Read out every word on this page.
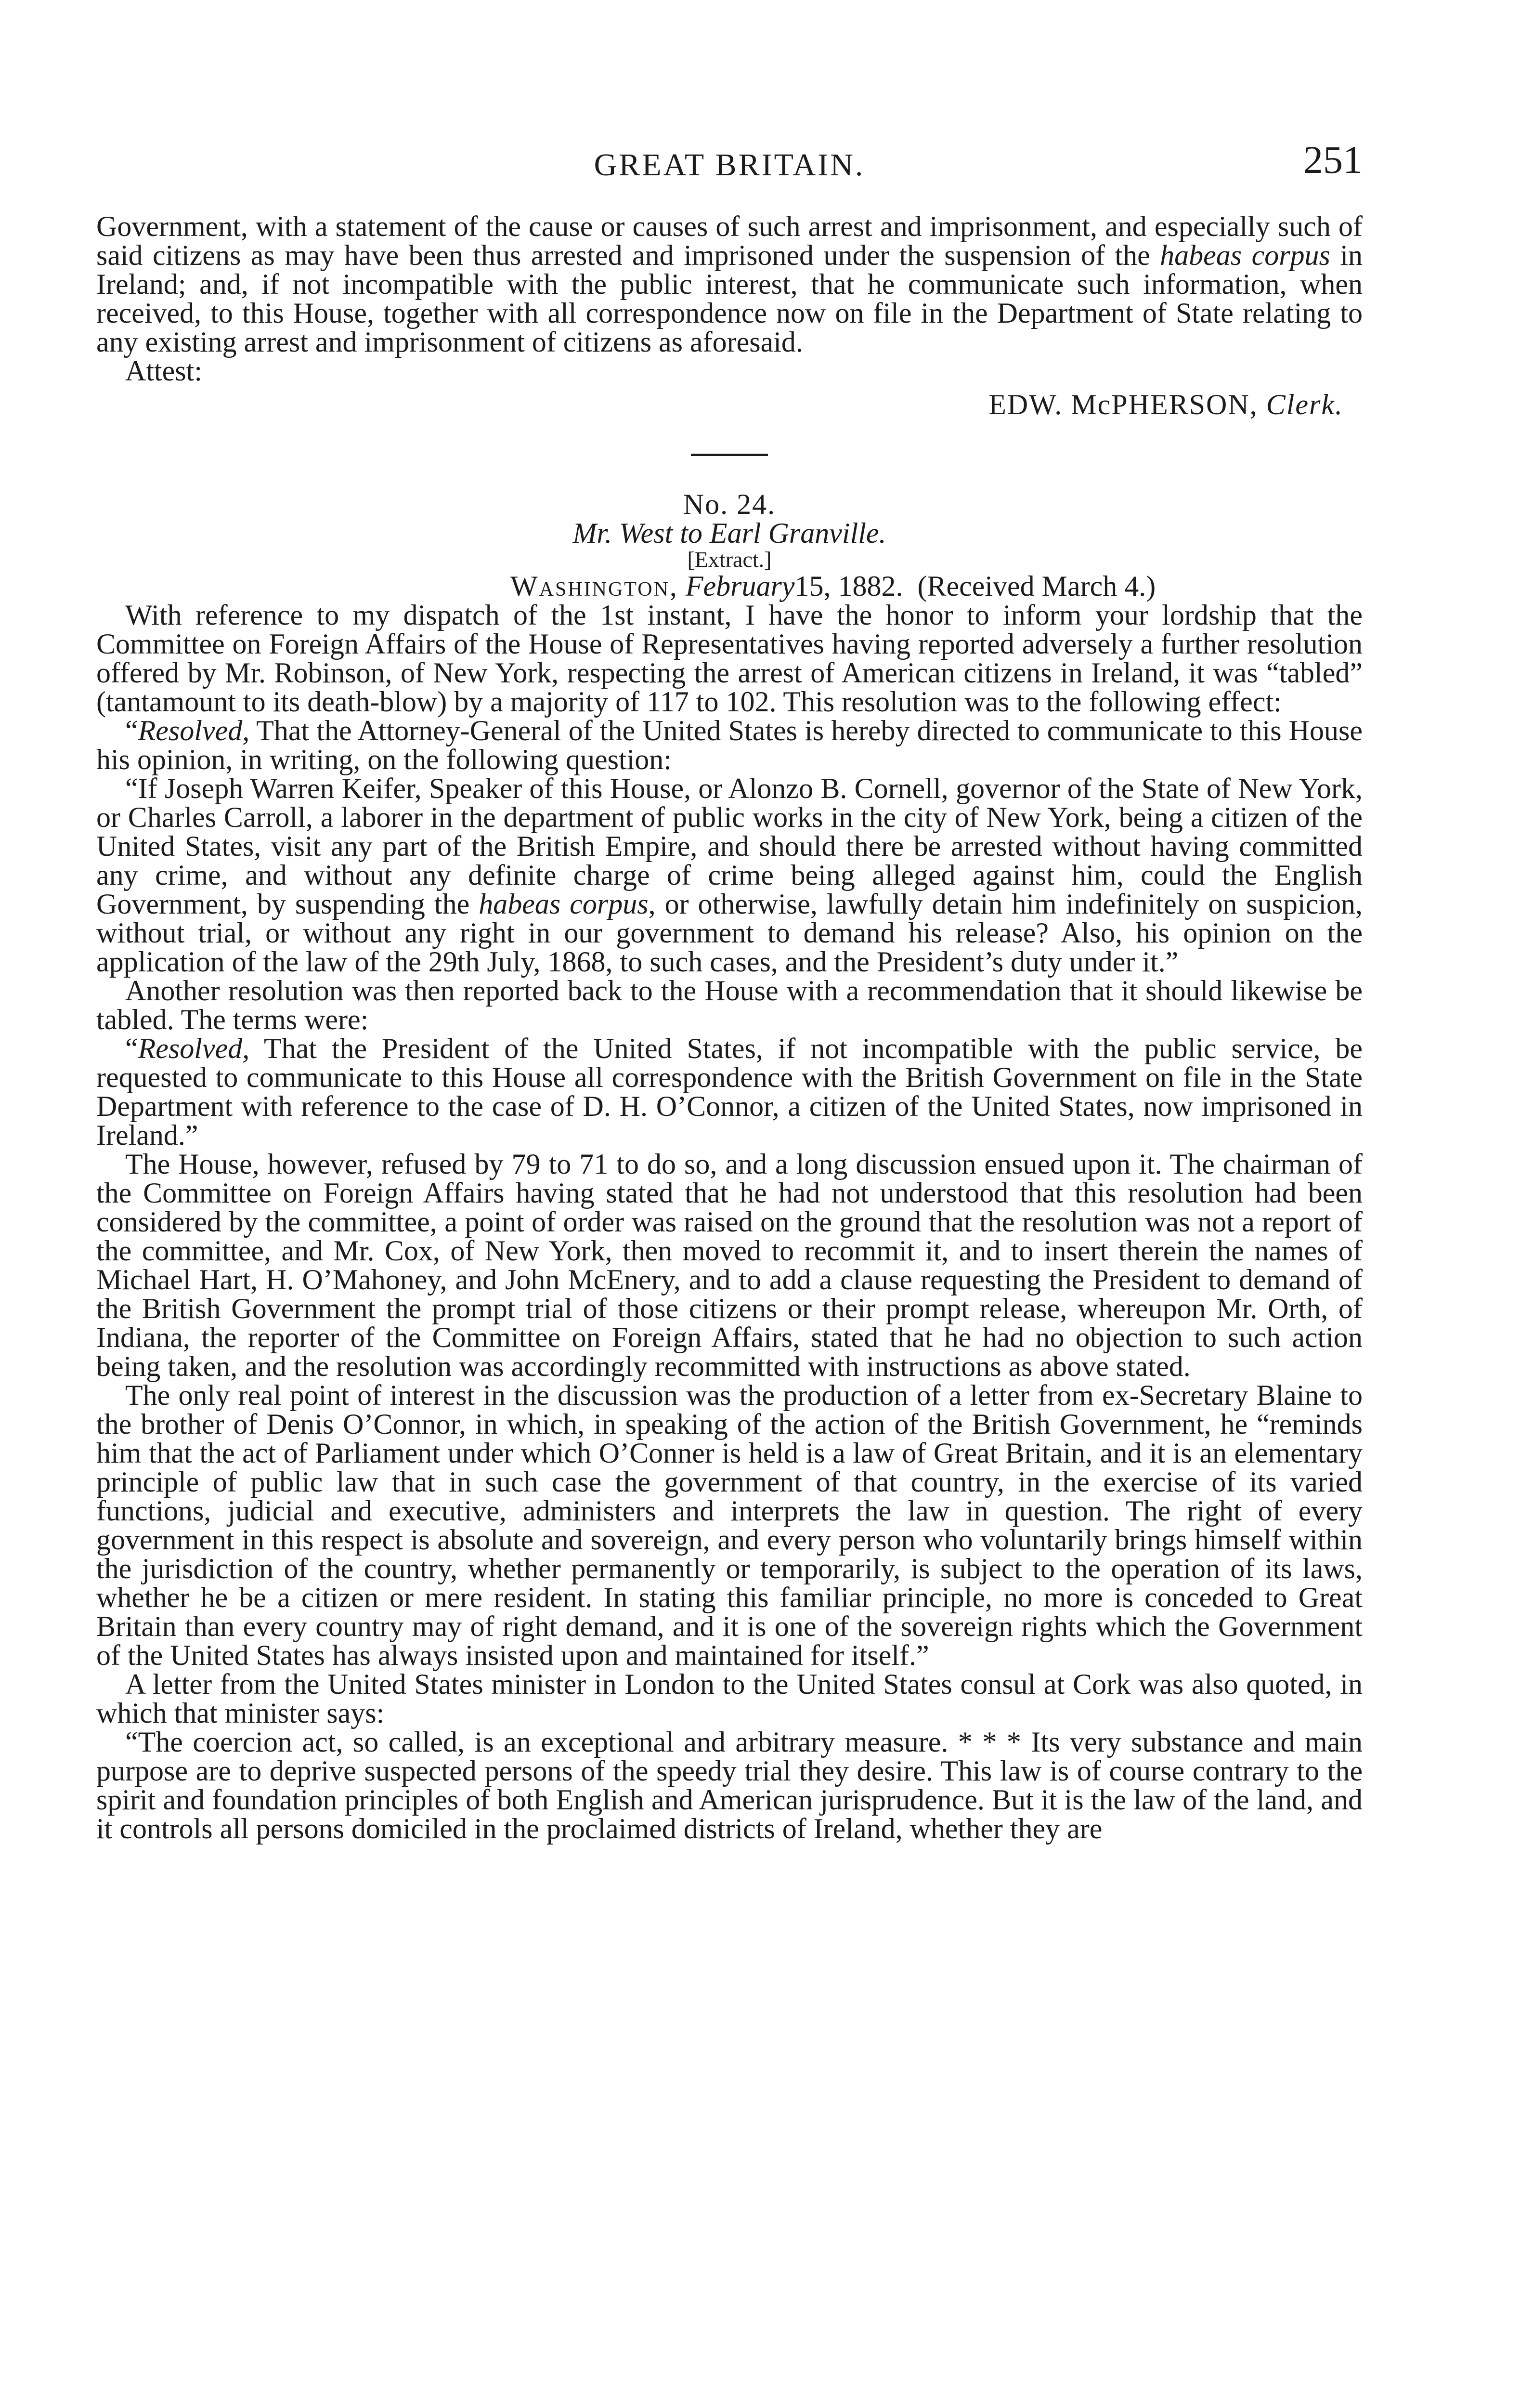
GREAT BRITAIN.	251

Government, with a statement of the cause or causes of such arrest and imprisonment, and especially such of said citizens as may have been thus arrested and imprisoned under the suspension of the habeas corpus in Ireland; and, if not incompatible with the public interest, that he communicate such information, when received, to this House, together with all correspondence now on file in the Department of State relating to any existing arrest and imprisonment of citizens as aforesaid.

Attest:

EDW. McPHERSON, Clerk.

No. 24.

Mr. West to Earl Granville.

[Extract.]

Washington, February15, 1882. (Received March 4.)

With reference to my dispatch of the 1st instant, I have the honor to inform your lordship that the Committee on Foreign Affairs of the House of Representatives having reported adversely a further resolution offered by Mr. Robinson, of New York, respecting the arrest of American citizens in Ireland, it was “tabled” (tantamount to its death-blow) by a majority of 117 to 102. This resolution was to the following effect:

“Resolved, That the Attorney-General of the United States is hereby directed to communicate to this House his opinion, in writing, on the following question:

“If Joseph Warren Keifer, Speaker of this House, or Alonzo B. Cornell, governor of the State of New York, or Charles Carroll, a laborer in the department of public works in the city of New York, being a citizen of the United States, visit any part of the British Empire, and should there be arrested without having committed any crime, and without any definite charge of crime being alleged against him, could the English Government, by suspending the habeas corpus, or otherwise, lawfully detain him indefinitely on suspicion, without trial, or without any right in our government to demand his release? Also, his opinion on the application of the law of the 29th July, 1868, to such cases, and the President’s duty under it.”

Another resolution was then reported back to the House with a recommendation that it should likewise be tabled. The terms were:

“Resolved, That the President of the United States, if not incompatible with the public service, be requested to communicate to this House all correspondence with the British Government on file in the State Department with reference to the case of D. H. O’Connor, a citizen of the United States, now imprisoned in Ireland.”

The House, however, refused by 79 to 71 to do so, and a long discussion ensued upon it. The chairman of the Committee on Foreign Affairs having stated that he had not understood that this resolution had been considered by the committee, a point of order was raised on the ground that the resolution was not a report of the committee, and Mr. Cox, of New York, then moved to recommit it, and to insert therein the names of Michael Hart, H. O’Mahoney, and John McEnery, and to add a clause requesting the President to demand of the British Government the prompt trial of those citizens or their prompt release, whereupon Mr. Orth, of Indiana, the reporter of the Committee on Foreign Affairs, stated that he had no objection to such action being taken, and the resolution was accordingly recommitted with instructions as above stated.

The only real point of interest in the discussion was the production of a letter from ex-Secretary Blaine to the brother of Denis O’Connor, in which, in speaking of the action of the British Government, he “reminds him that the act of Parliament under which O’Conner is held is a law of Great Britain, and it is an elementary principle of public law that in such case the government of that country, in the exercise of its varied functions, judicial and executive, administers and interprets the law in question. The right of every government in this respect is absolute and sovereign, and every person who voluntarily brings himself within the jurisdiction of the country, whether permanently or temporarily, is subject to the operation of its laws, whether he be a citizen or mere resident. In stating this familiar principle, no more is conceded to Great Britain than every country may of right demand, and it is one of the sovereign rights which the Government of the United States has always insisted upon and maintained for itself.”

A letter from the United States minister in London to the United States consul at Cork was also quoted, in which that minister says:

“The coercion act, so called, is an exceptional and arbitrary measure. * * * Its very substance and main purpose are to deprive suspected persons of the speedy trial they desire. This law is of course contrary to the spirit and foundation principles of both English and American jurisprudence. But it is the law of the land, and it controls all persons domiciled in the proclaimed districts of Ireland, whether they are
